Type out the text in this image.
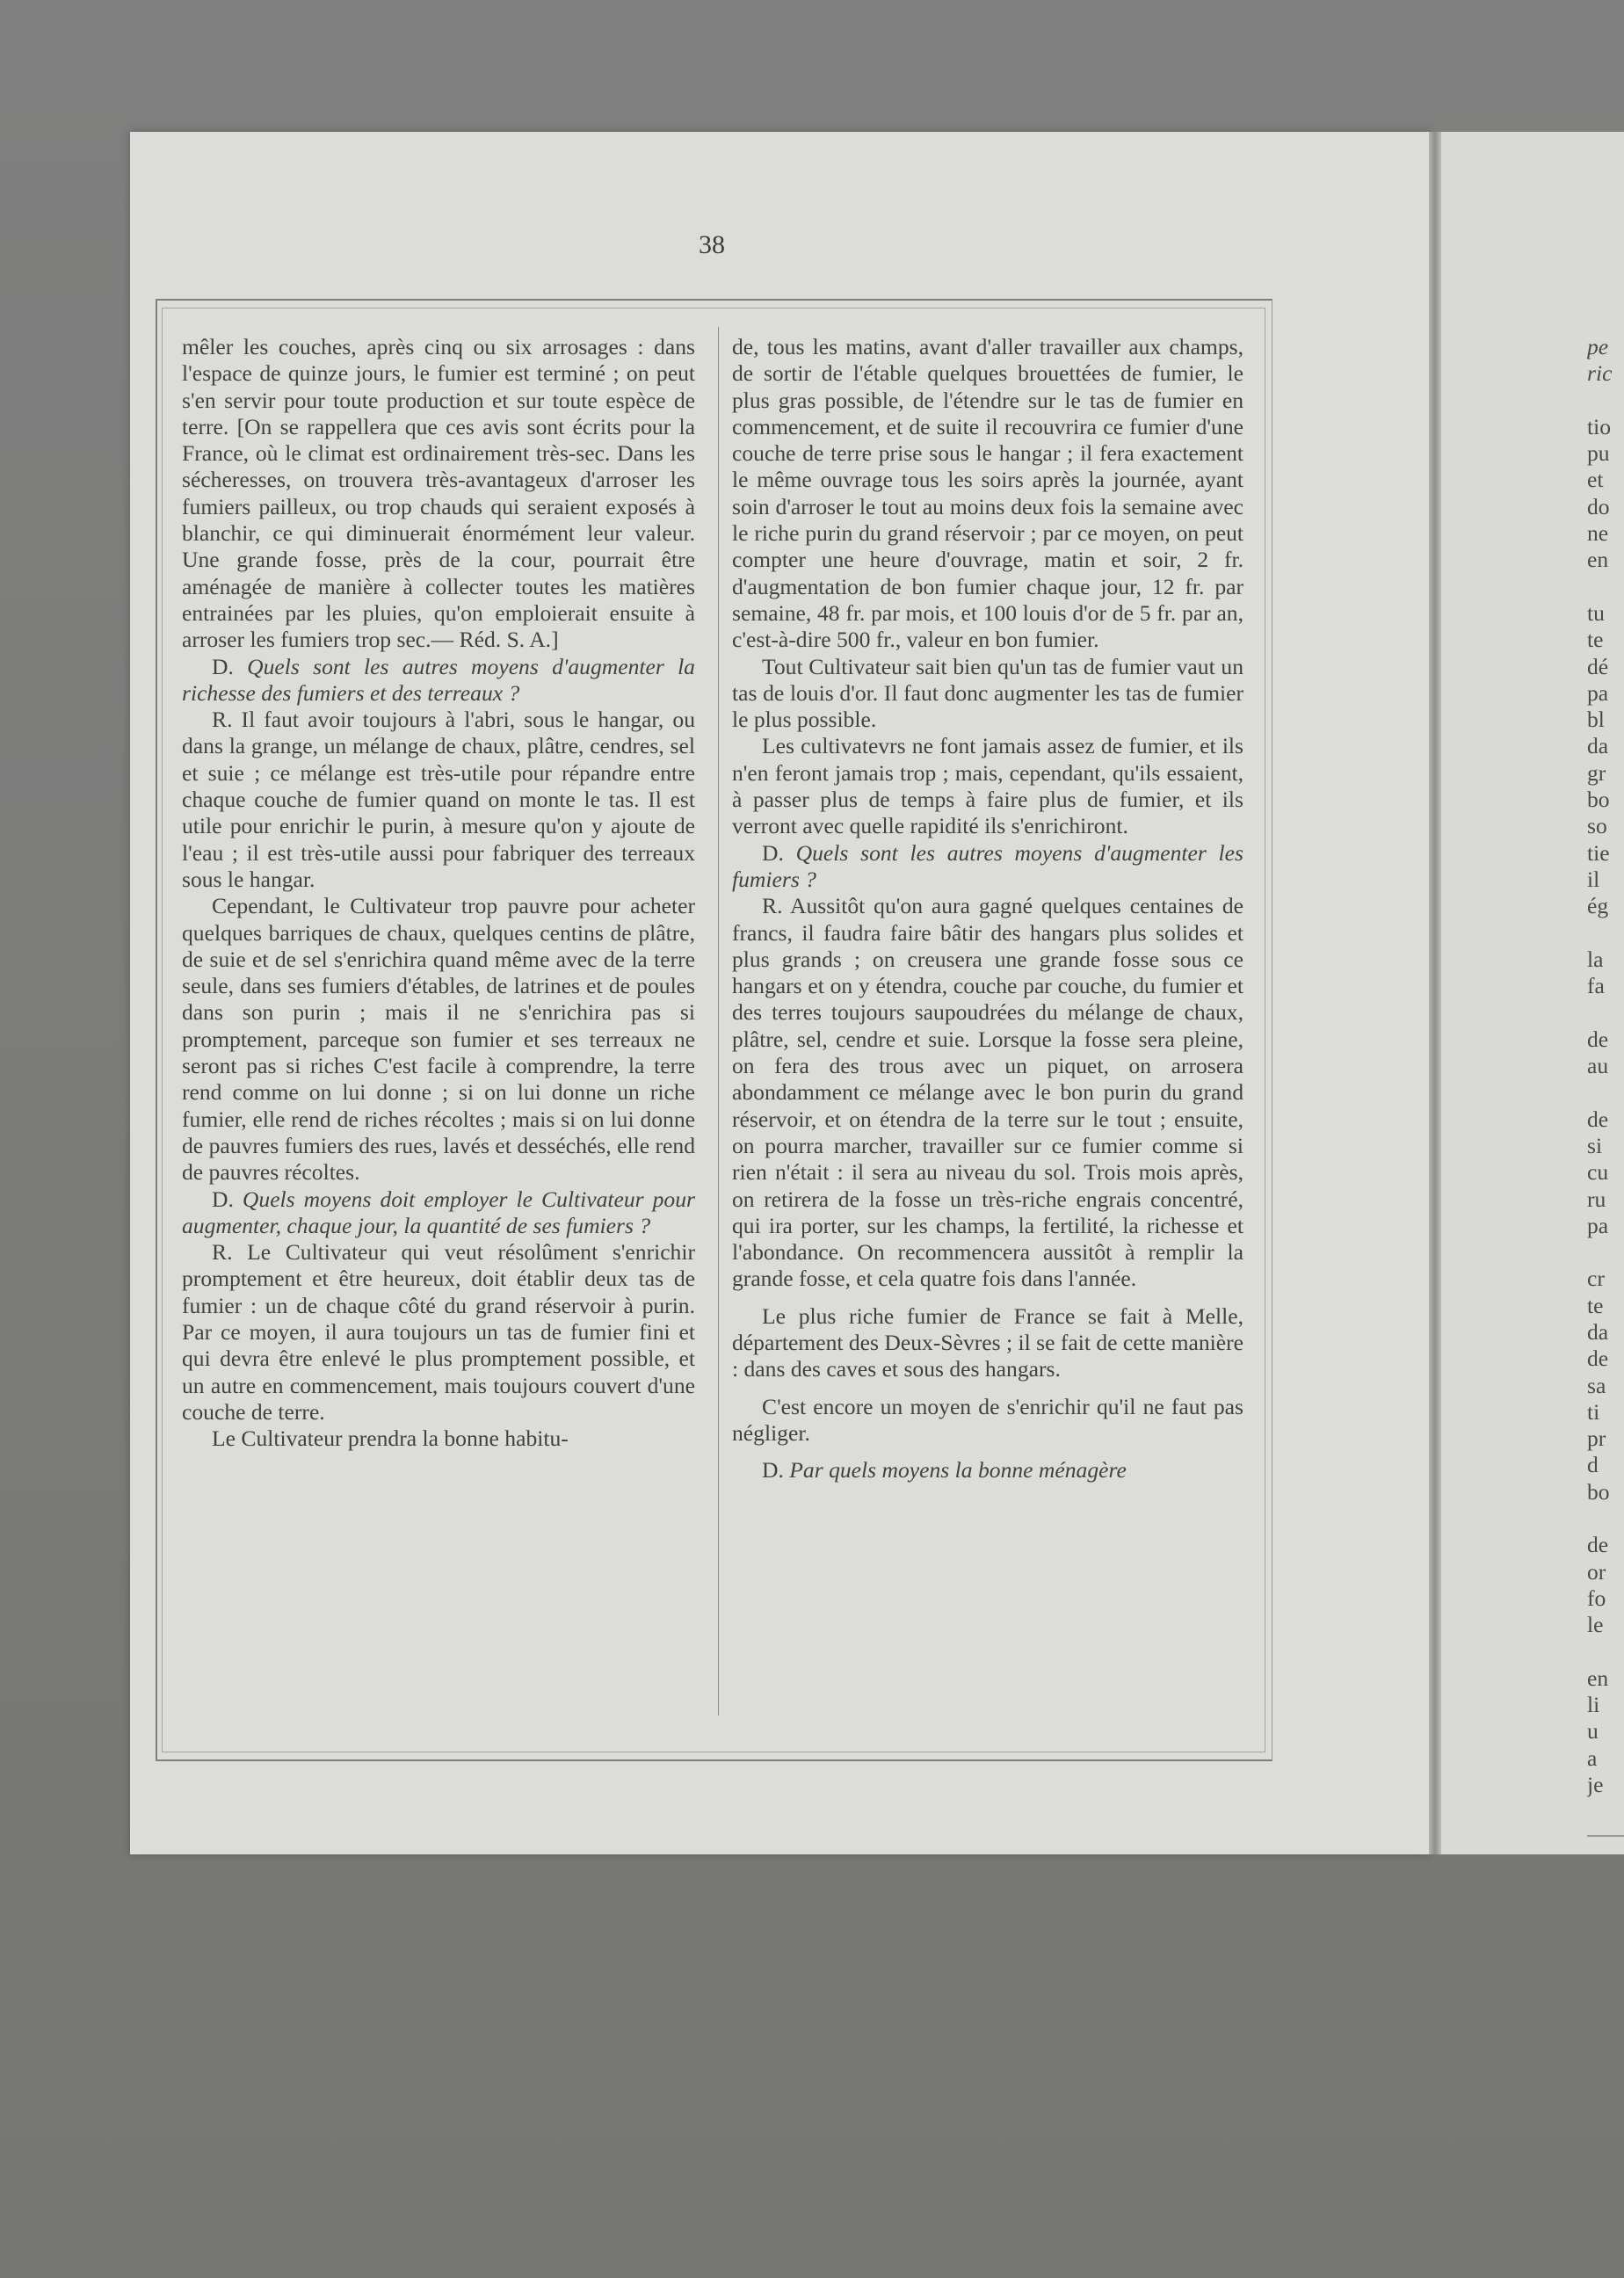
38

mêler les couches, après cinq ou six arrosages : dans l'espace de quinze jours, le fumier est terminé ; on peut s'en servir pour toute production et sur toute espèce de terre. [On se rappellera que ces avis sont écrits pour la France, où le climat est ordinairement très-sec. Dans les sécheresses, on trouvera très-avantageux d'arroser les fumiers pailleux, ou trop chauds qui seraient exposés à blanchir, ce qui diminuerait énormément leur valeur. Une grande fosse, près de la cour, pourrait être aménagée de manière à collecter toutes les matières entrainées par les pluies, qu'on emploierait ensuite à arroser les fumiers trop sec.— Réd. S. A.]

D. Quels sont les autres moyens d'augmenter la richesse des fumiers et des terreaux ?

R. Il faut avoir toujours à l'abri, sous le hangar, ou dans la grange, un mélange de chaux, plâtre, cendres, sel et suie ; ce mélange est très-utile pour répandre entre chaque couche de fumier quand on monte le tas. Il est utile pour enrichir le purin, à mesure qu'on y ajoute de l'eau ; il est très-utile aussi pour fabriquer des terreaux sous le hangar.

Cependant, le Cultivateur trop pauvre pour acheter quelques barriques de chaux, quelques centins de plâtre, de suie et de sel s'enrichira quand même avec de la terre seule, dans ses fumiers d'étables, de latrines et de poules dans son purin ; mais il ne s'enrichira pas si promptement, parceque son fumier et ses terreaux ne seront pas si riches C'est facile à comprendre, la terre rend comme on lui donne ; si on lui donne un riche fumier, elle rend de riches récoltes ; mais si on lui donne de pauvres fumiers des rues, lavés et desséchés, elle rend de pauvres récoltes.

D. Quels moyens doit employer le Cultivateur pour augmenter, chaque jour, la quantité de ses fumiers ?

R. Le Cultivateur qui veut résolûment s'enrichir promptement et être heureux, doit établir deux tas de fumier : un de chaque côté du grand réservoir à purin. Par ce moyen, il aura toujours un tas de fumier fini et qui devra être enlevé le plus promptement possible, et un autre en commencement, mais toujours couvert d'une couche de terre.

Le Cultivateur prendra la bonne habitu-

de, tous les matins, avant d'aller travailler aux champs, de sortir de l'étable quelques brouettées de fumier, le plus gras possible, de l'étendre sur le tas de fumier en commencement, et de suite il recouvrira ce fumier d'une couche de terre prise sous le hangar ; il fera exactement le même ouvrage tous les soirs après la journée, ayant soin d'arroser le tout au moins deux fois la semaine avec le riche purin du grand réservoir ; par ce moyen, on peut compter une heure d'ouvrage, matin et soir, 2 fr. d'augmentation de bon fumier chaque jour, 12 fr. par semaine, 48 fr. par mois, et 100 louis d'or de 5 fr. par an, c'est-à-dire 500 fr., valeur en bon fumier.

Tout Cultivateur sait bien qu'un tas de fumier vaut un tas de louis d'or. Il faut donc augmenter les tas de fumier le plus possible.

Les cultivatevrs ne font jamais assez de fumier, et ils n'en feront jamais trop ; mais, cependant, qu'ils essaient, à passer plus de temps à faire plus de fumier, et ils verront avec quelle rapidité ils s'enrichiront.

D. Quels sont les autres moyens d'augmenter les fumiers ?

R. Aussitôt qu'on aura gagné quelques centaines de francs, il faudra faire bâtir des hangars plus solides et plus grands ; on creusera une grande fosse sous ce hangars et on y étendra, couche par couche, du fumier et des terres toujours saupoudrées du mélange de chaux, plâtre, sel, cendre et suie. Lorsque la fosse sera pleine, on fera des trous avec un piquet, on arrosera abondamment ce mélange avec le bon purin du grand réservoir, et on étendra de la terre sur le tout ; ensuite, on pourra marcher, travailler sur ce fumier comme si rien n'était : il sera au niveau du sol. Trois mois après, on retirera de la fosse un très-riche engrais concentré, qui ira porter, sur les champs, la fertilité, la richesse et l'abondance. On recommencera aussitôt à remplir la grande fosse, et cela quatre fois dans l'année.

Le plus riche fumier de France se fait à Melle, département des Deux-Sèvres ; il se fait de cette manière : dans des caves et sous des hangars.

C'est encore un moyen de s'enrichir qu'il ne faut pas négliger.

D. Par quels moyens la bonne ménagère

pe
ric

tio
pu
et
do
ne
en

tu
te
dé
pa
bl
da
gr
bo
so
tie
il
ég

la
fa

de
au

de
si
cu
ru
pa

cr
te
da
de
sa
ti
pr
d
bo

de
or
fo
le

en
li
u
a
je
